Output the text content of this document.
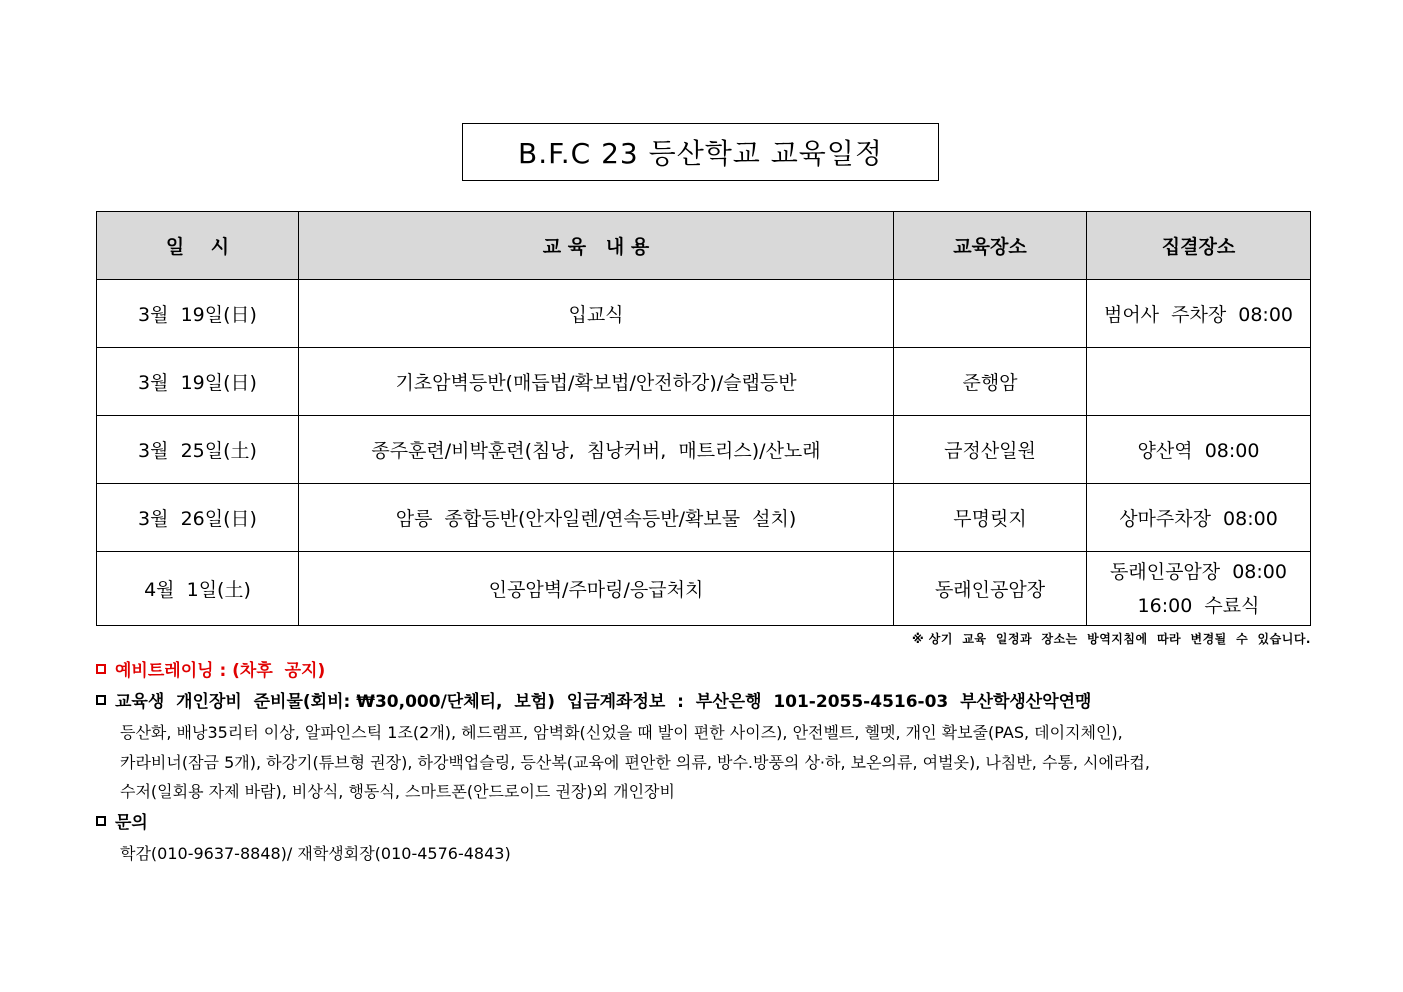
B.F.C 23 등산학교 교육일정
일    시	교 육   내 용	교육장소	집결장소
3월  19일(日)	입교식		범어사  주차장  08:00
3월  19일(日)	기초암벽등반(매듭법/확보법/안전하강)/슬랩등반	준행암	
3월  25일(土)	종주훈련/비박훈련(침낭,  침낭커버,  매트리스)/산노래	금정산일원	양산역  08:00
3월  26일(日)	암릉  종합등반(안자일렌/연속등반/확보물  설치)	무명릿지	상마주차장  08:00
4월  1일(土)	인공암벽/주마링/응급처치	동래인공암장	동래인공암장  08:00
16:00  수료식
※ 상기  교육  일정과  장소는  방역지침에  따라  변경될  수  있습니다.
예비트레이닝 : (차후  공지)
교육생  개인장비  준비물(회비: ₩30,000/단체티,  보험)  입금계좌정보  :  부산은행  101-2055-4516-03  부산학생산악연맹
등산화, 배낭35리터 이상, 알파인스틱 1조(2개), 헤드램프, 암벽화(신었을 때 발이 편한 사이즈), 안전벨트, 헬멧, 개인 확보줄(PAS, 데이지체인),
카라비너(잠금 5개), 하강기(튜브형 권장), 하강백업슬링, 등산복(교육에 편안한 의류, 방수.방풍의 상·하, 보온의류, 여벌옷), 나침반, 수통, 시에라컵,
수저(일회용 자제 바람), 비상식, 행동식, 스마트폰(안드로이드 권장)외 개인장비
문의
학감(010-9637-8848)/ 재학생회장(010-4576-4843)
